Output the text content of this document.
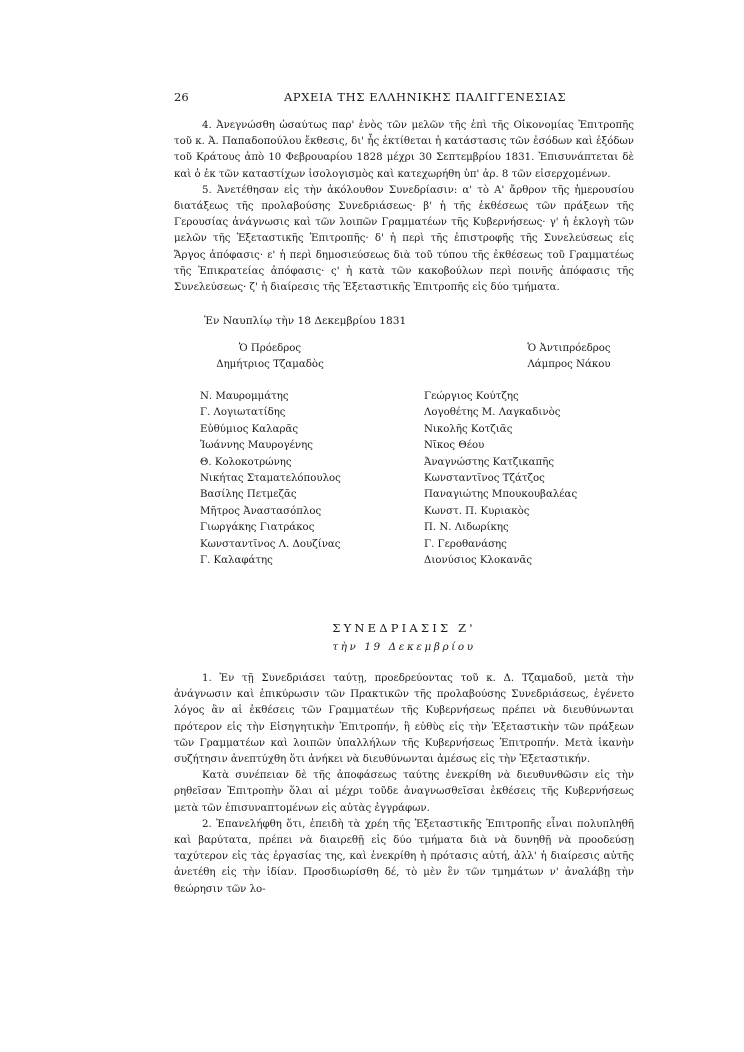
26	ΑΡΧΕΙΑ ΤΗΣ ΕΛΛΗΝΙΚΗΣ ΠΑΛΙΓΓΕΝΕΣΙΑΣ

4. Ἀνεγνώσθη ὡσαύτως παρ' ἑνὸς τῶν μελῶν τῆς ἐπὶ τῆς Οἰκονομίας Ἐπιτροπῆς τοῦ κ. Ἀ. Παπαδοπούλου ἔκθεσις, δι' ἧς ἐκτίθεται ἡ κατάστασις τῶν ἐσόδων καὶ ἐξόδων τοῦ Κράτους ἀπὸ 10 Φεβρουαρίου 1828 μέχρι 30 Σεπτεμβρίου 1831. Ἐπισυνάπτεται δὲ καὶ ὁ ἐκ τῶν καταστίχων ἰσολογισμὸς καὶ κατεχωρήθη ὑπ' ἀρ. 8 τῶν εἰσερχομένων.

5. Ἀνετέθησαν εἰς τὴν ἀκόλουθον Συνεδρίασιν: α' τὸ Α' ἄρθρον τῆς ἡμερουσίου διατάξεως τῆς προλαβούσης Συνεδριάσεως· β' ἡ τῆς ἐκθέσεως τῶν πράξεων τῆς Γερουσίας ἀνάγνωσις καὶ τῶν λοιπῶν Γραμματέων τῆς Κυβερνήσεως· γ' ἡ ἐκλογὴ τῶν μελῶν τῆς Ἐξεταστικῆς Ἐπιτροπῆς· δ' ἡ περὶ τῆς ἐπιστροφῆς τῆς Συνελεύσεως εἰς Ἄργος ἀπόφασις· ε' ἡ περὶ δημοσιεύσεως διὰ τοῦ τύπου τῆς ἐκθέσεως τοῦ Γραμματέως τῆς Ἐπικρατείας ἀπόφασις· ς' ἡ κατὰ τῶν κακοβούλων περὶ ποινῆς ἀπόφασις τῆς Συνελεύσεως· ζ' ἡ διαίρεσις τῆς Ἐξεταστικῆς Ἐπιτροπῆς εἰς δύο τμήματα.

Ἐν Ναυπλίῳ τὴν 18 Δεκεμβρίου 1831
Ὁ Πρόεδρος
Δημήτριος Τζαμαδὸς
Ὁ Ἀντιπρόεδρος
Λάμπρος Νάκου
Ν. Μαυρομμάτης
Γ. Λογιωτατίδης
Εὐθύμιος Καλαρᾶς
Ἰωάννης Μαυρογένης
Θ. Κολοκοτρώνης
Νικήτας Σταματελόπουλος
Βασίλης Πετμεζᾶς
Μῆτρος Ἀναστασόπλος
Γιωργάκης Γιατράκος
Κωνσταντῖνος Λ. Δουζίνας
Γ. Καλαφάτης
Γεώργιος Κούτζης
Λογοθέτης Μ. Λαγκαδινὸς
Νικολῆς Κοτζιᾶς
Νῖκος Θέου
Ἀναγνώστης Κατζικαπῆς
Κωνσταντῖνος Τζάτζος
Παναγιώτης Μπουκουβαλέας
Κωνστ. Π. Κυριακὸς
Π. Ν. Λιδωρίκης
Γ. Γεροθανάσης
Διονύσιος Κλοκανᾶς
ΣΥΝΕΔΡΙΑΣΙΣ Ζ'
τὴν 19 Δεκεμβρίου

1. Ἐν τῇ Συνεδριάσει ταύτῃ, προεδρεύοντας τοῦ κ. Δ. Τζαμαδοῦ, μετὰ τὴν ἀνάγνωσιν καὶ ἐπικύρωσιν τῶν Πρακτικῶν τῆς προλαβούσης Συνεδριάσεως, ἐγένετο λόγος ἂν αἱ ἐκθέσεις τῶν Γραμματέων τῆς Κυβερνήσεως πρέπει νὰ διευθύνωνται πρότερον εἰς τὴν Εἰσηγητικὴν Ἐπιτροπήν, ἢ εὐθὺς εἰς τὴν Ἐξεταστικὴν τῶν πράξεων τῶν Γραμματέων καὶ λοιπῶν ὑπαλλήλων τῆς Κυβερνήσεως Ἐπιτροπήν. Μετὰ ἱκανὴν συζήτησιν ἀνεπτύχθη ὅτι ἀνήκει νὰ διευθύνωνται ἀμέσως εἰς τὴν Ἐξεταστικήν.

Κατὰ συνέπειαν δὲ τῆς ἀποφάσεως ταύτης ἐνεκρίθη νὰ διευθυνθῶσιν εἰς τὴν ρηθεῖσαν Ἐπιτροπὴν ὅλαι αἱ μέχρι τοῦδε ἀναγνωσθεῖσαι ἐκθέσεις τῆς Κυβερνήσεως μετὰ τῶν ἐπισυναπτομένων εἰς αὐτὰς ἐγγράφων.

2. Ἐπανελήφθη ὅτι, ἐπειδὴ τὰ χρέη τῆς Ἐξεταστικῆς Ἐπιτροπῆς εἶναι πολυπληθῆ καὶ βαρύτατα, πρέπει νὰ διαιρεθῇ εἰς δύο τμήματα διὰ νὰ δυνηθῇ νὰ προοδεύσῃ ταχύτερον εἰς τὰς ἐργασίας της, καὶ ἐνεκρίθη ἡ πρότασις αὐτή, ἀλλ' ἡ διαίρεσις αὐτῆς ἀνετέθη εἰς τὴν ἰδίαν. Προσδιωρίσθη δέ, τὸ μὲν ἓν τῶν τμημάτων ν' ἀναλάβῃ τὴν θεώρησιν τῶν λο-
